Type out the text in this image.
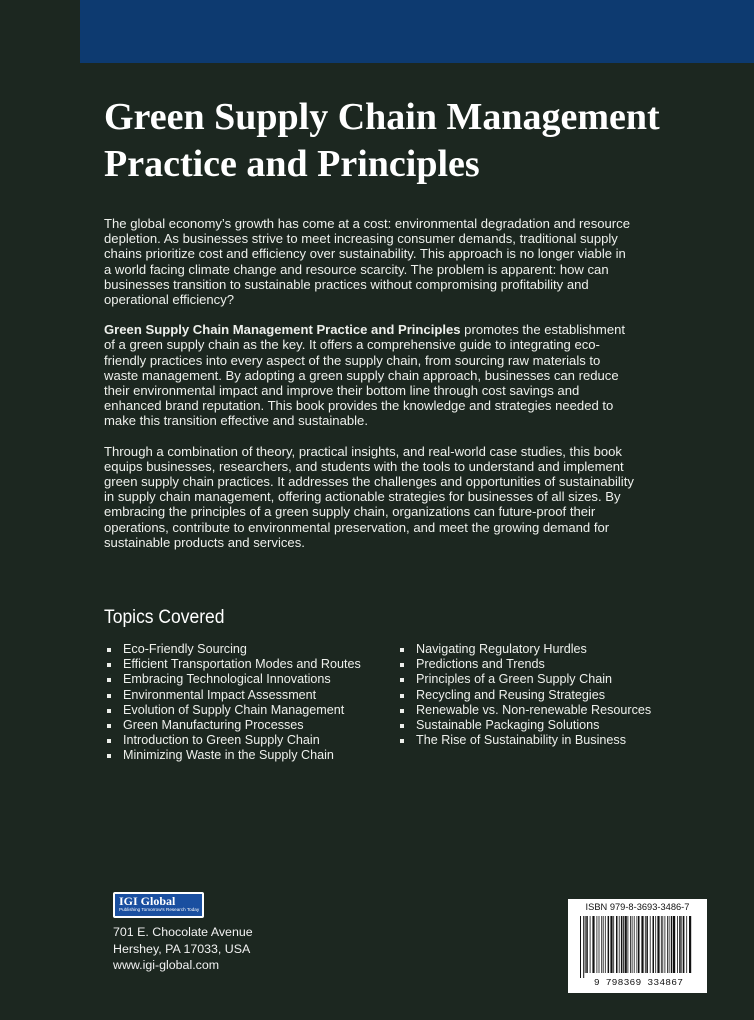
Green Supply Chain Management
Practice and Principles

The global economy’s growth has come at a cost: environmental degradation and resource depletion. As businesses strive to meet increasing consumer demands, traditional supply chains prioritize cost and efficiency over sustainability. This approach is no longer viable in a world facing climate change and resource scarcity. The problem is apparent: how can businesses transition to sustainable practices without compromising profitability and operational efficiency?

Green Supply Chain Management Practice and Principles promotes the establishment of a green supply chain as the key. It offers a comprehensive guide to integrating eco-friendly practices into every aspect of the supply chain, from sourcing raw materials to waste management. By adopting a green supply chain approach, businesses can reduce their environmental impact and improve their bottom line through cost savings and enhanced brand reputation. This book provides the knowledge and strategies needed to make this transition effective and sustainable.

Through a combination of theory, practical insights, and real-world case studies, this book equips businesses, researchers, and students with the tools to understand and implement green supply chain practices. It addresses the challenges and opportunities of sustainability in supply chain management, offering actionable strategies for businesses of all sizes. By embracing the principles of a green supply chain, organizations can future-proof their operations, contribute to environmental preservation, and meet the growing demand for sustainable products and services.

Topics Covered
Eco-Friendly Sourcing
Efficient Transportation Modes and Routes
Embracing Technological Innovations
Environmental Impact Assessment
Evolution of Supply Chain Management
Green Manufacturing Processes
Introduction to Green Supply Chain
Minimizing Waste in the Supply Chain
Navigating Regulatory Hurdles
Predictions and Trends
Principles of a Green Supply Chain
Recycling and Reusing Strategies
Renewable vs. Non-renewable Resources
Sustainable Packaging Solutions
The Rise of Sustainability in Business

IGI Global

Publishing Tomorrow's Research Today

701 E. Chocolate Avenue
Hershey, PA 17033, USA
www.igi-global.com
ISBN 979-8-3693-3486-7
9 798369 334867
